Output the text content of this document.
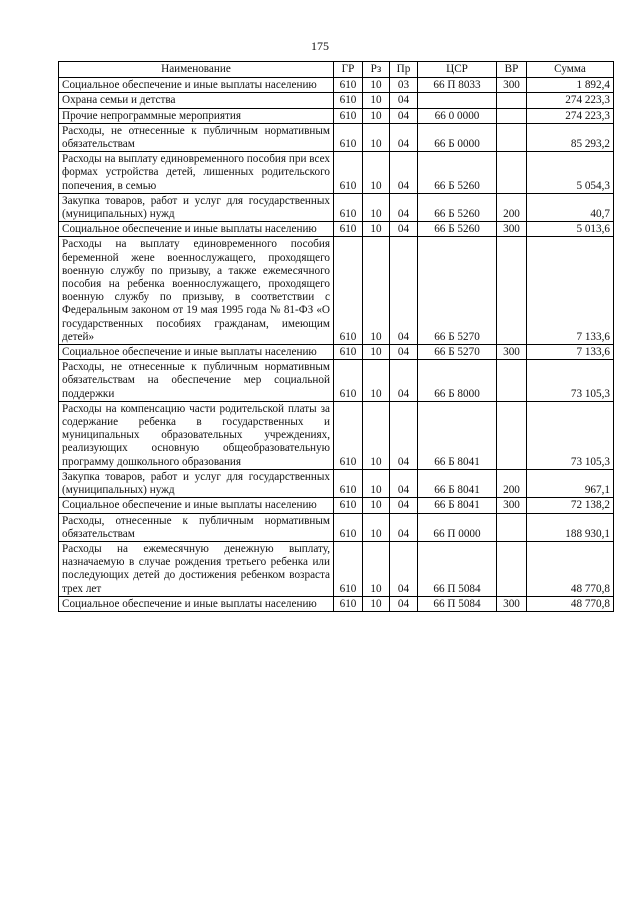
175
Наименование	ГР	Рз	Пр	ЦСР	ВР	Сумма
Социальное обеспечение и иные выплаты населению	610	10	03	66 П 8033	300	1 892,4
Охрана семьи и детства	610	10	04			274 223,3
Прочие непрограммные мероприятия	610	10	04	66 0 0000		274 223,3
Расходы, не отнесенные к публичным нормативным обязательствам	610	10	04	66 Б 0000		85 293,2
Расходы на выплату единовременного пособия при всех формах устройства детей, лишенных родительского попечения, в семью	610	10	04	66 Б 5260		5 054,3
Закупка товаров, работ и услуг для государственных (муниципальных) нужд	610	10	04	66 Б 5260	200	40,7
Социальное обеспечение и иные выплаты населению	610	10	04	66 Б 5260	300	5 013,6
Расходы на выплату единовременного пособия беременной жене военнослужащего, проходящего военную службу по призыву, а также ежемесячного пособия на ребенка военнослужащего, проходящего военную службу по призыву, в соответствии с Федеральным законом от 19 мая 1995 года № 81-ФЗ «О государственных пособиях гражданам, имеющим детей»	610	10	04	66 Б 5270		7 133,6
Социальное обеспечение и иные выплаты населению	610	10	04	66 Б 5270	300	7 133,6
Расходы, не отнесенные к публичным нормативным обязательствам на обеспечение мер социальной поддержки	610	10	04	66 Б 8000		73 105,3
Расходы на компенсацию части родительской платы за содержание ребенка в государственных и муниципальных образовательных учреждениях, реализующих основную общеобразовательную программу дошкольного образования	610	10	04	66 Б 8041		73 105,3
Закупка товаров, работ и услуг для государственных (муниципальных) нужд	610	10	04	66 Б 8041	200	967,1
Социальное обеспечение и иные выплаты населению	610	10	04	66 Б 8041	300	72 138,2
Расходы, отнесенные к публичным нормативным обязательствам	610	10	04	66 П 0000		188 930,1
Расходы на ежемесячную денежную выплату, назначаемую в случае рождения третьего ребенка или последующих детей до достижения ребенком возраста трех лет	610	10	04	66 П 5084		48 770,8
Социальное обеспечение и иные выплаты населению	610	10	04	66 П 5084	300	48 770,8
